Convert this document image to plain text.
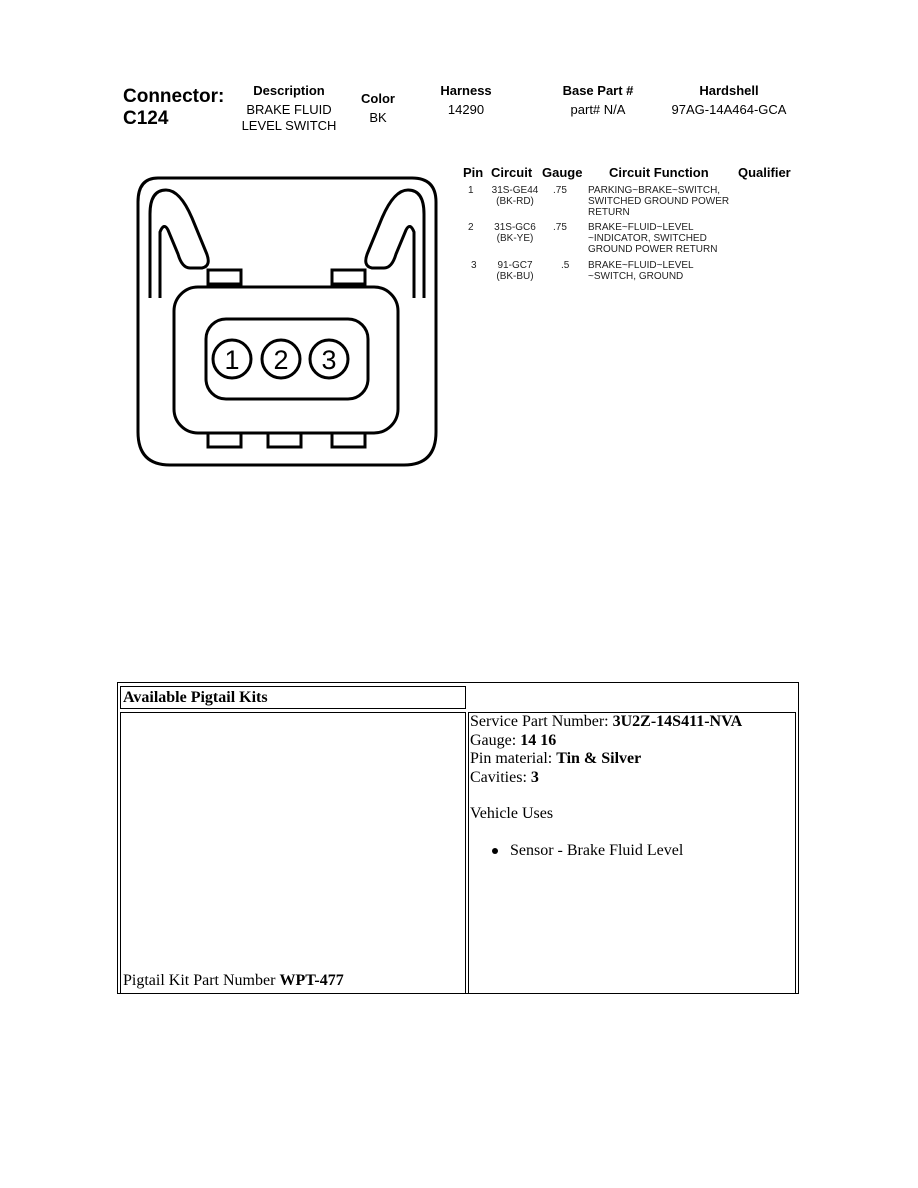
Connector:
C124
Description
BRAKE FLUID
LEVEL SWITCH
Color
BK
Harness
14290
Base Part #
part# N/A
Hardshell
97AG-14A464-GCA
Pin Circuit Gauge Circuit Function Qualifier
1	31S-GE44
(BK-RD)
.75 PARKING~BRAKE~SWITCH,
SWITCHED GROUND POWER
RETURN
2	31S-GC6
(BK-YE)
.75 BRAKE~FLUID~LEVEL
~INDICATOR, SWITCHED
GROUND POWER RETURN
3	91-GC7
(BK-BU)
.5 BRAKE~FLUID~LEVEL
~SWITCH, GROUND
1 2 3
Available Pigtail Kits
Pigtail Kit Part Number WPT-477
Service Part Number: 3U2Z-14S411-NVA
Gauge: 14 16
Pin material: Tin & Silver
Cavities: 3
Vehicle Uses
Sensor - Brake Fluid Level
